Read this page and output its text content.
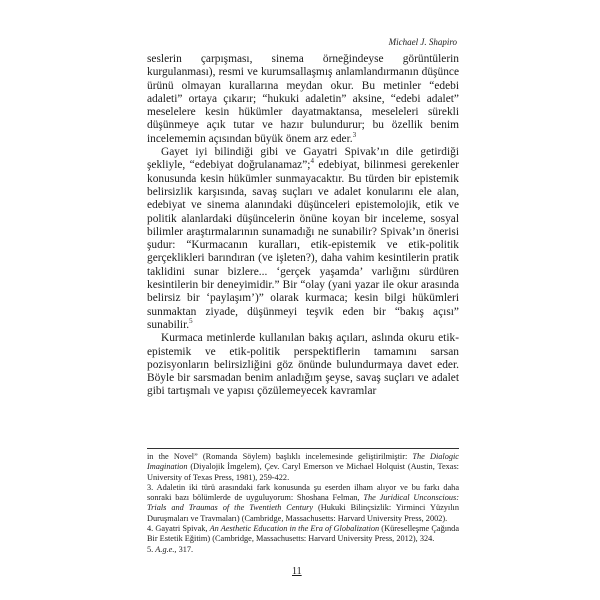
Michael J. Shapiro

seslerin çarpışması, sinema örneğindeyse görüntülerin kurgulanması), resmi ve kurumsallaşmış anlamlandırmanın düşünce ürünü olmayan kurallarına meydan okur. Bu metinler “edebi adaleti” ortaya çıkarır; “hukuki adaletin” aksine, “edebi adalet” meselelere kesin hükümler dayatmaktansa, meseleleri sürekli düşünmeye açık tutar ve hazır bulundurur; bu özellik benim incelememin açısından büyük önem arz eder.$^3$

Gayet iyi bilindiği gibi ve Gayatri Spivak’ın dile getirdiği şekliyle, “edebiyat doğrulanamaz”;$^4$ edebiyat, bilinmesi gerekenler konusunda kesin hükümler sunmayacaktır. Bu türden bir epistemik belirsizlik karşısında, savaş suçları ve adalet konularını ele alan, edebiyat ve sinema alanındaki düşünceleri epistemolojik, etik ve politik alanlardaki düşüncelerin önüne koyan bir inceleme, sosyal bilimler araştırmalarının sunamadığı ne sunabilir? Spivak’ın önerisi şudur: “Kurmacanın kuralları, etik-epistemik ve etik-politik gerçeklikleri barındıran (ve işleten?), daha vahim kesintilerin pratik taklidini sunar bizlere... ‘gerçek yaşamda’ varlığını sürdüren kesintilerin bir deneyimidir.” Bir “olay (yani yazar ile okur arasında belirsiz bir ‘paylaşım’)” olarak kurmaca; kesin bilgi hükümleri sunmaktan ziyade, düşünmeyi teşvik eden bir “bakış açısı” sunabilir.$^5$

Kurmaca metinlerde kullanılan bakış açıları, aslında okuru etik-epistemik ve etik-politik perspektiflerin tamamını sarsan pozisyonların belirsizliğini göz önünde bulundurmaya davet eder. Böyle bir sarsmadan benim anladığım şeyse, savaş suçları ve adalet gibi tartışmalı ve yapısı çözülemeyecek kavramlar

in the Novel” (Romanda Söylem) başlıklı incelemesinde geliştirilmiştir: The Dialogic Imagination (Diyalojik İmgelem), Çev. Caryl Emerson ve Michael Holquist (Austin, Texas: University of Texas Press, 1981), 259-422.

3. Adaletin iki türü arasındaki fark konusunda şu eserden ilham alıyor ve bu farkı daha sonraki bazı bölümlerde de uyguluyorum: Shoshana Felman, The Juridical Unconscious: Trials and Traumas of the Twentieth Century (Hukuki Bilinçsizlik: Yirminci Yüzyılın Duruşmaları ve Travmaları) (Cambridge, Massachusetts: Harvard University Press, 2002).

4. Gayatri Spivak, An Aesthetic Education in the Era of Globalization (Küreselleşme Çağında Bir Estetik Eğitim) (Cambridge, Massachusetts: Harvard University Press, 2012), 324.

5. A.g.e., 317.

11
